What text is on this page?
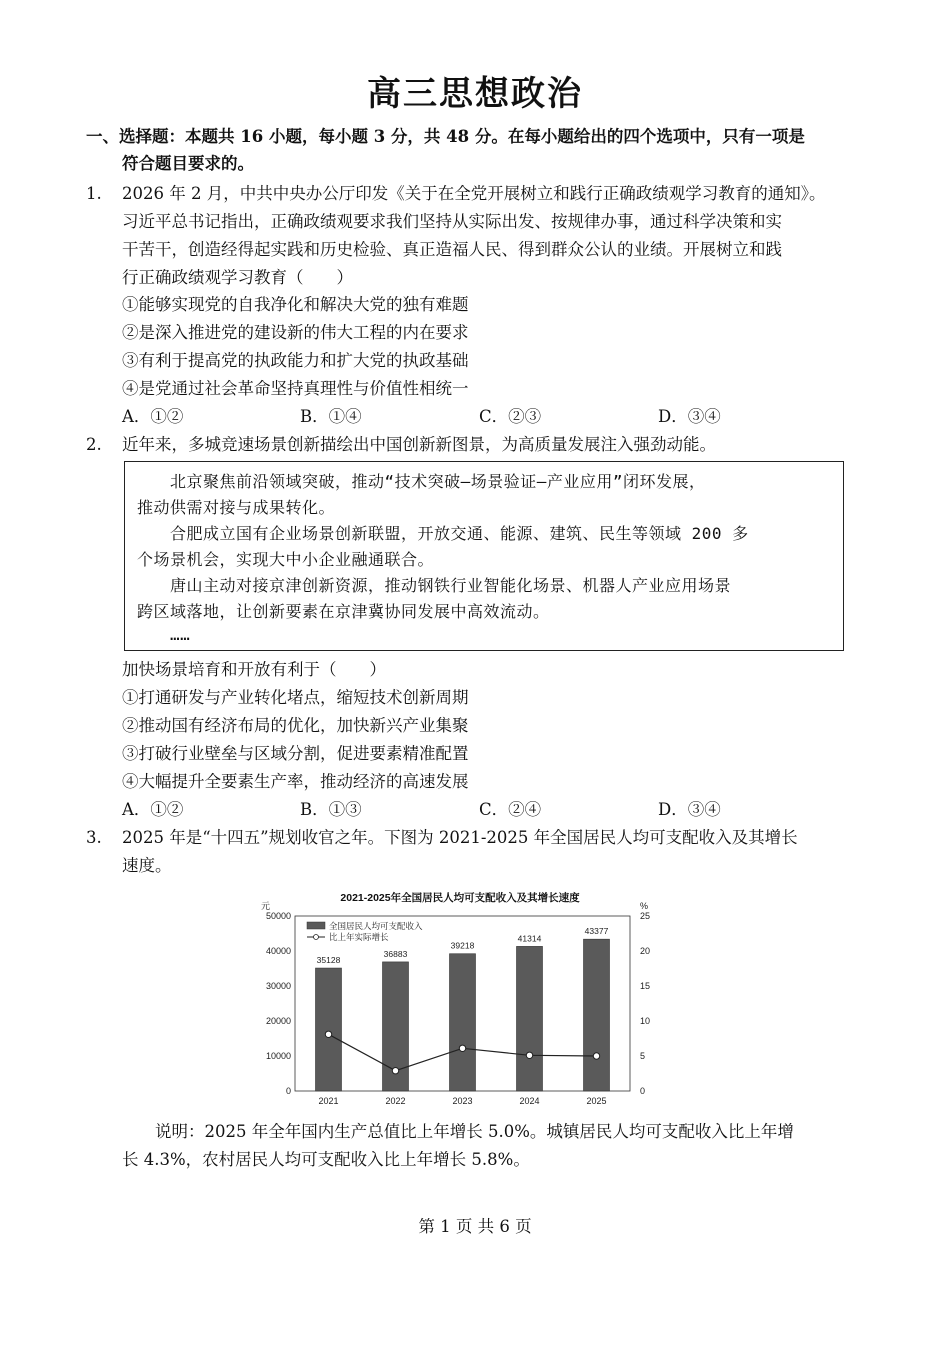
高三思想政治
一、选择题：本题共 16 小题，每小题 3 分，共 48 分。在每小题给出的四个选项中，只有一项是
符合题目要求的。
1. 2026 年 2 月，中共中央办公厅印发《关于在全党开展树立和践行正确政绩观学习教育的通知》。
习近平总书记指出，正确政绩观要求我们坚持从实际出发、按规律办事，通过科学决策和实
干苦干，创造经得起实践和历史检验、真正造福人民、得到群众公认的业绩。开展树立和践
行正确政绩观学习教育（　　）
①能够实现党的自我净化和解决大党的独有难题
②是深入推进党的建设新的伟大工程的内在要求
③有利于提高党的执政能力和扩大党的执政基础
④是党通过社会革命坚持真理性与价值性相统一
A．①②	B．①④	C．②③	D．③④
2. 近年来，多城竞速场景创新描绘出中国创新新图景，为高质量发展注入强劲动能。
　　北京聚焦前沿领域突破，推动“技术突破—场景验证—产业应用”闭环发展，
推动供需对接与成果转化。
　　合肥成立国有企业场景创新联盟，开放交通、能源、建筑、民生等领域 200 多
个场景机会，实现大中小企业融通联合。
　　唐山主动对接京津创新资源，推动钢铁行业智能化场景、机器人产业应用场景
跨区域落地，让创新要素在京津冀协同发展中高效流动。
　　……
加快场景培育和开放有利于（　　）
①打通研发与产业转化堵点，缩短技术创新周期
②推动国有经济布局的优化，加快新兴产业集聚
③打破行业壁垒与区域分割，促进要素精准配置
④大幅提升全要素生产率，推动经济的高速发展
A．①②	B．①③	C．②④	D．③④
3. 2025 年是“十四五”规划收官之年。下图为 2021-2025 年全国居民人均可支配收入及其增长
速度。
2021-2025年全国居民人均可支配收入及其增长速度
元	%
0
10000
20000
30000
40000
50000
0
5
10
15
20
25
35128
36883
39218
41314
43377
2021	2022	2023	2024	2025
全国居民人均可支配收入
比上年实际增长
　　说明：2025 年全年国内生产总值比上年增长 5.0%。城镇居民人均可支配收入比上年增
长 4.3%，农村居民人均可支配收入比上年增长 5.8%。
第 1 页 共 6 页
